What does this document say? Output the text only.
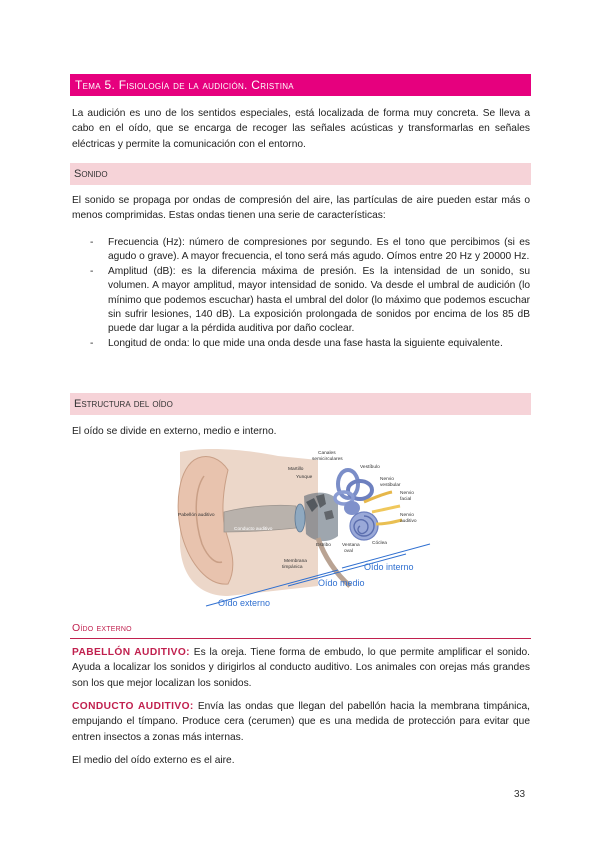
Tema 5. Fisiología de la audición. Cristina

La audición es uno de los sentidos especiales, está localizada de forma muy concreta. Se lleva a cabo en el oído, que se encarga de recoger las señales acústicas y transformarlas en señales eléctricas y permite la comunicación con el entorno.

Sonido

El sonido se propaga por ondas de compresión del aire, las partículas de aire pueden estar más o menos comprimidas. Estas ondas tienen una serie de características:

- Frecuencia (Hz): número de compresiones por segundo. Es el tono que percibimos (si es agudo o grave). A mayor frecuencia, el tono será más agudo. Oímos entre 20 Hz y 20000 Hz.
- Amplitud (dB): es la diferencia máxima de presión. Es la intensidad de un sonido, su volumen. A mayor amplitud, mayor intensidad de sonido. Va desde el umbral de audición (lo mínimo que podemos escuchar) hasta el umbral del dolor (lo máximo que podemos escuchar sin sufrir lesiones, 140 dB). La exposición prolongada de sonidos por encima de los 85 dB puede dar lugar a la pérdida auditiva por daño coclear.
- Longitud de onda: lo que mide una onda desde una fase hasta la siguiente equivalente.
Estructura del oído

El oído se divide en externo, medio e interno.

Canales
semicirculares
Vestíbulo
Martillo
Yunque	Nervio
vestibular
Nervio
facial
Nervio
auditivo
Pabellón auditivo
Conducto auditivo
Cóclea
Estribo Ventana
oval
Membrana
timpánica	Oído interno
Oído medio
Oído externo
Oído externo

PABELLÓN AUDITIVO: Es la oreja. Tiene forma de embudo, lo que permite amplificar el sonido. Ayuda a localizar los sonidos y dirigirlos al conducto auditivo. Los animales con orejas más grandes son los que mejor localizan los sonidos.

CONDUCTO AUDITIVO: Envía las ondas que llegan del pabellón hacia la membrana timpánica, empujando el tímpano. Produce cera (cerumen) que es una medida de protección para evitar que entren insectos a zonas más internas.

El medio del oído externo es el aire.

33
